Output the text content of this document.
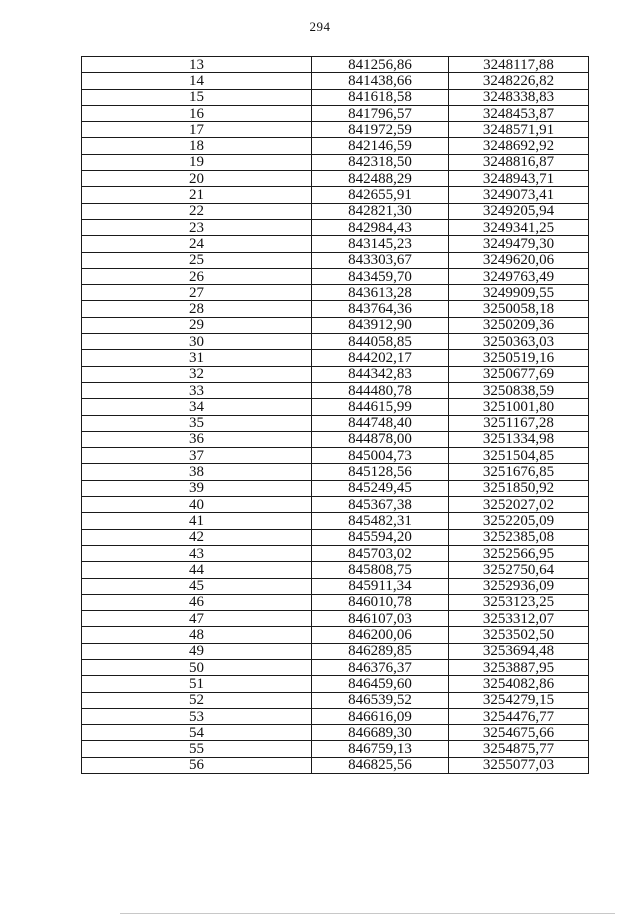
294
13	841256,86	3248117,88
14	841438,66	3248226,82
15	841618,58	3248338,83
16	841796,57	3248453,87
17	841972,59	3248571,91
18	842146,59	3248692,92
19	842318,50	3248816,87
20	842488,29	3248943,71
21	842655,91	3249073,41
22	842821,30	3249205,94
23	842984,43	3249341,25
24	843145,23	3249479,30
25	843303,67	3249620,06
26	843459,70	3249763,49
27	843613,28	3249909,55
28	843764,36	3250058,18
29	843912,90	3250209,36
30	844058,85	3250363,03
31	844202,17	3250519,16
32	844342,83	3250677,69
33	844480,78	3250838,59
34	844615,99	3251001,80
35	844748,40	3251167,28
36	844878,00	3251334,98
37	845004,73	3251504,85
38	845128,56	3251676,85
39	845249,45	3251850,92
40	845367,38	3252027,02
41	845482,31	3252205,09
42	845594,20	3252385,08
43	845703,02	3252566,95
44	845808,75	3252750,64
45	845911,34	3252936,09
46	846010,78	3253123,25
47	846107,03	3253312,07
48	846200,06	3253502,50
49	846289,85	3253694,48
50	846376,37	3253887,95
51	846459,60	3254082,86
52	846539,52	3254279,15
53	846616,09	3254476,77
54	846689,30	3254675,66
55	846759,13	3254875,77
56	846825,56	3255077,03
